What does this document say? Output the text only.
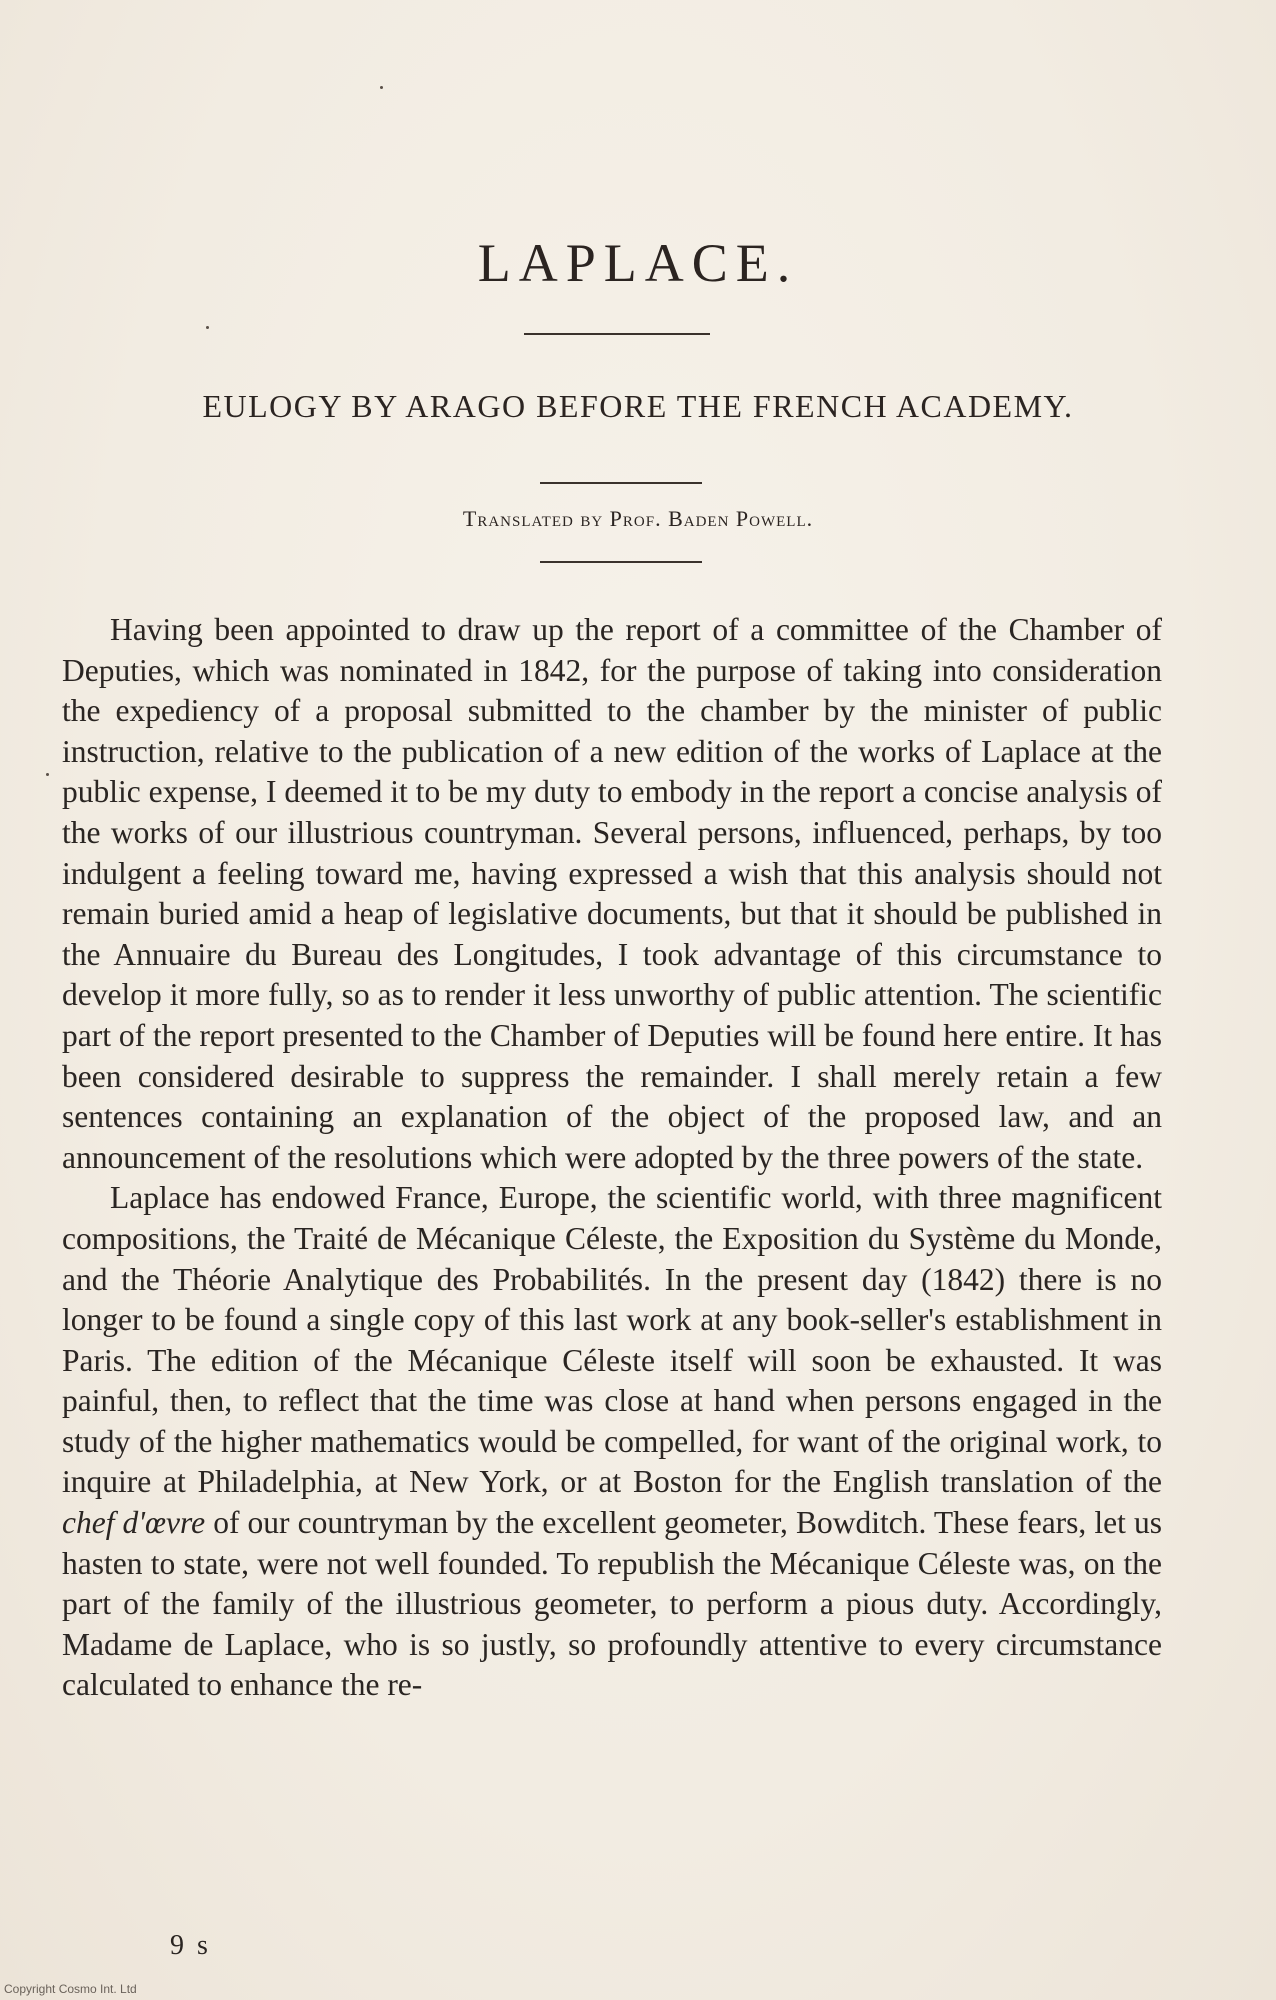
LAPLACE.
EULOGY BY ARAGO BEFORE THE FRENCH ACADEMY.
Translated by Prof. Baden Powell.

Having been appointed to draw up the report of a committee of the Chamber of Deputies, which was nominated in 1842, for the purpose of taking into consideration the expediency of a proposal submitted to the chamber by the minister of public instruction, relative to the publication of a new edition of the works of Laplace at the public expense, I deemed it to be my duty to embody in the report a concise analysis of the works of our illustrious countryman. Several persons, influenced, perhaps, by too indulgent a feeling toward me, having expressed a wish that this analysis should not remain buried amid a heap of legislative documents, but that it should be published in the Annuaire du Bureau des Longitudes, I took advantage of this circumstance to develop it more fully, so as to render it less unworthy of public attention. The scientific part of the report presented to the Chamber of Deputies will be found here entire. It has been considered desirable to suppress the remainder. I shall merely retain a few sentences containing an explanation of the object of the proposed law, and an announcement of the resolutions which were adopted by the three powers of the state.

Laplace has endowed France, Europe, the scientific world, with three magnificent compositions, the Traité de Mécanique Céleste, the Exposition du Système du Monde, and the Théorie Analytique des Probabilités. In the present day (1842) there is no longer to be found a single copy of this last work at any book-seller's establishment in Paris. The edition of the Mécanique Céleste itself will soon be exhausted. It was painful, then, to reflect that the time was close at hand when persons engaged in the study of the higher mathematics would be compelled, for want of the original work, to inquire at Philadelphia, at New York, or at Boston for the English translation of the chef d'œvre of our countryman by the excellent geometer, Bowditch. These fears, let us hasten to state, were not well founded. To republish the Mécanique Céleste was, on the part of the family of the illustrious geometer, to perform a pious duty. Accordingly, Madame de Laplace, who is so justly, so profoundly attentive to every circumstance calculated to enhance the re-

9 s
Copyright Cosmo Int. Ltd
